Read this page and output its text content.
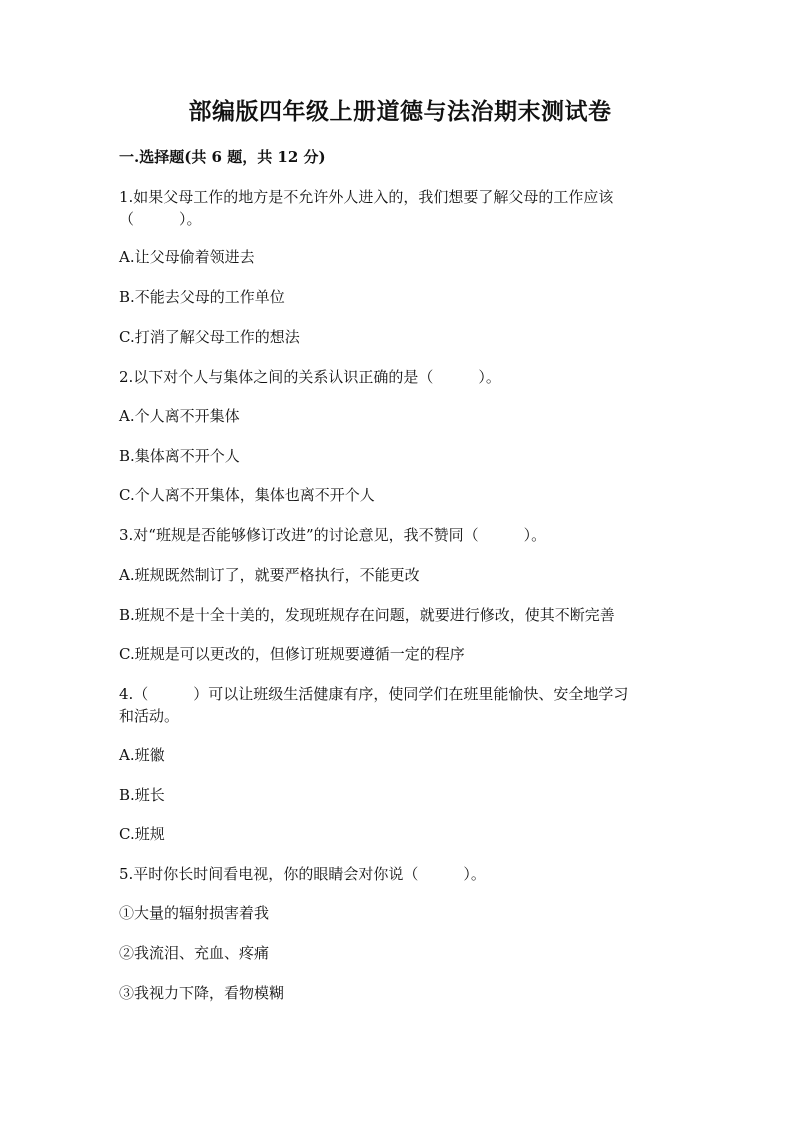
部编版四年级上册道德与法治期末测试卷
一.选择题(共 6 题，共 12 分)
1.如果父母工作的地方是不允许外人进入的，我们想要了解父母的工作应该
（　　　）。
A.让父母偷着领进去
B.不能去父母的工作单位
C.打消了解父母工作的想法
2.以下对个人与集体之间的关系认识正确的是（　　　）。
A.个人离不开集体
B.集体离不开个人
C.个人离不开集体，集体也离不开个人
3.对“班规是否能够修订改进”的讨论意见，我不赞同（　　　）。
A.班规既然制订了，就要严格执行，不能更改
B.班规不是十全十美的，发现班规存在问题，就要进行修改，使其不断完善
C.班规是可以更改的，但修订班规要遵循一定的程序
4.（　　　）可以让班级生活健康有序，使同学们在班里能愉快、安全地学习
和活动。
A.班徽
B.班长
C.班规
5.平时你长时间看电视，你的眼睛会对你说（　　　）。
①大量的辐射损害着我
②我流泪、充血、疼痛
③我视力下降，看物模糊
